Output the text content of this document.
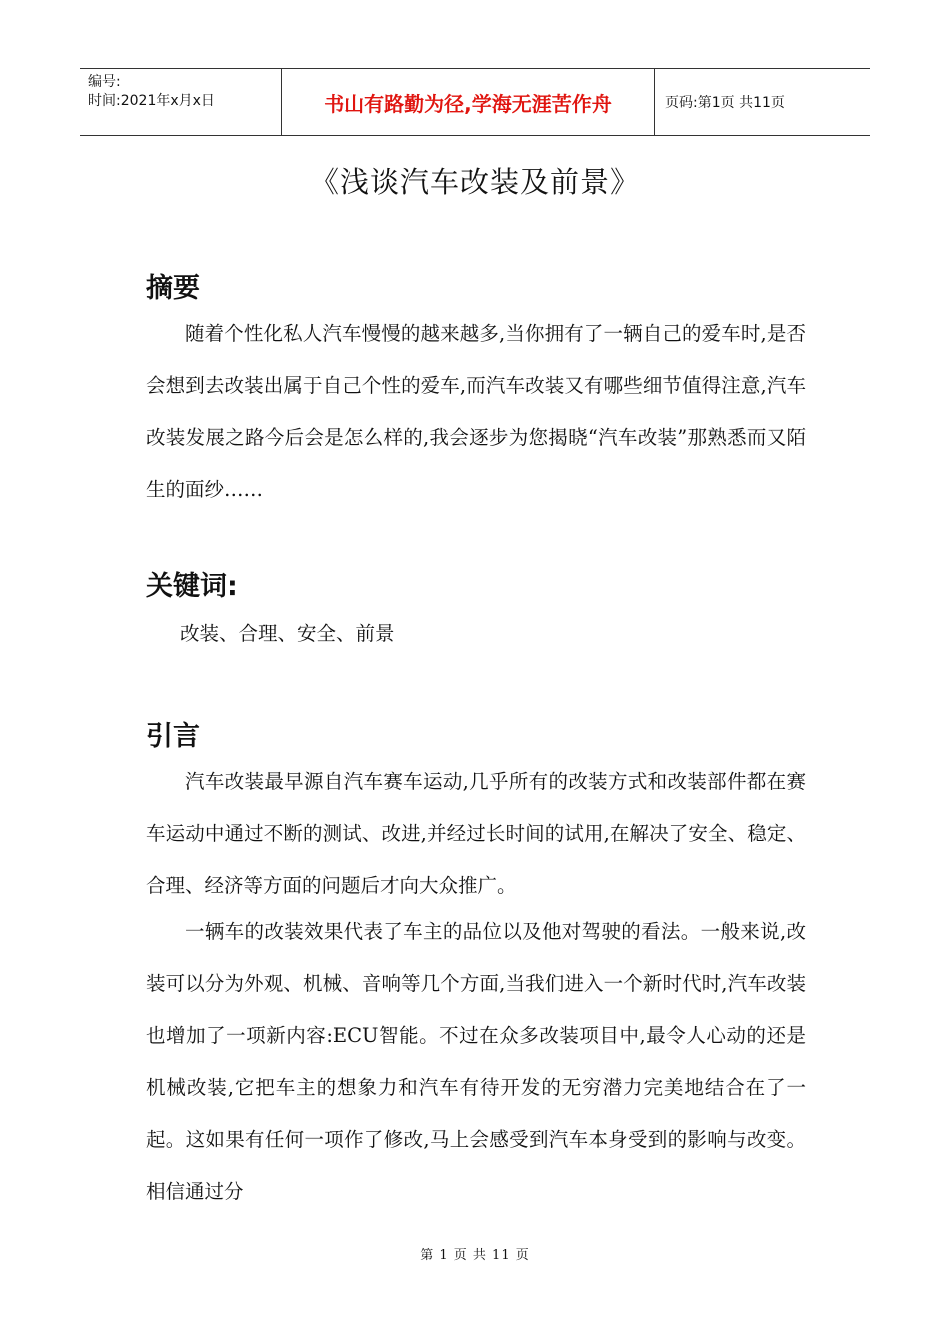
编号:
时间:2021年x月x日	书山有路勤为径,学海无涯苦作舟	页码:第1页 共11页
《浅谈汽车改装及前景》
摘要

随着个性化私人汽车慢慢的越来越多,当你拥有了一辆自己的爱车时,是否会想到去改装出属于自己个性的爱车,而汽车改装又有哪些细节值得注意,汽车改装发展之路今后会是怎么样的,我会逐步为您揭晓“汽车改装”那熟悉而又陌生的面纱……

关键词:
改装、合理、安全、前景
引言

汽车改装最早源自汽车赛车运动,几乎所有的改装方式和改装部件都在赛车运动中通过不断的测试、改进,并经过长时间的试用,在解决了安全、稳定、合理、经济等方面的问题后才向大众推广。

一辆车的改装效果代表了车主的品位以及他对驾驶的看法。一般来说,改装可以分为外观、机械、音响等几个方面,当我们进入一个新时代时,汽车改装也增加了一项新内容:ECU智能。不过在众多改装项目中,最令人心动的还是机械改装,它把车主的想象力和汽车有待开发的无穷潜力完美地结合在了一起。这如果有任何一项作了修改,马上会感受到汽车本身受到的影响与改变。相信通过分

第 1 页 共 11 页
